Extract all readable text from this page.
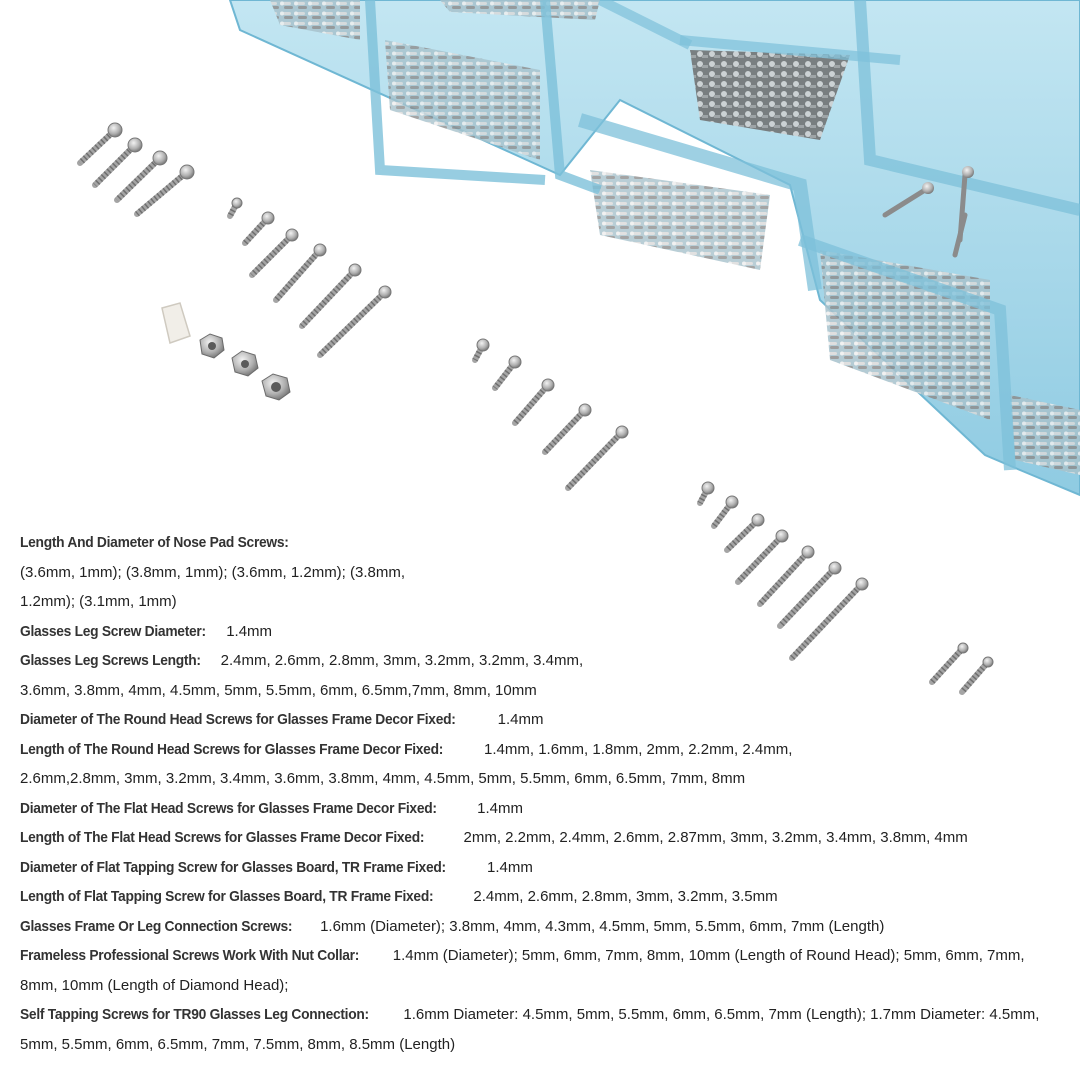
Length And Diameter of Nose Pad Screws:
(3.6mm, 1mm); (3.8mm, 1mm); (3.6mm, 1.2mm); (3.8mm, 1.2mm); (3.1mm, 1mm)

Glasses Leg Screw Diameter: 1.4mm

Glasses Leg Screws Length: 2.4mm, 2.6mm, 2.8mm, 3mm, 3.2mm, 3.2mm, 3.4mm, 3.6mm, 3.8mm, 4mm, 4.5mm, 5mm, 5.5mm, 6mm, 6.5mm,7mm, 8mm, 10mm

Diameter of The Round Head Screws for Glasses Frame Decor Fixed:	1.4mm

Length of The Round Head Screws for Glasses Frame Decor Fixed:	1.4mm, 1.6mm, 1.8mm, 2mm, 2.2mm, 2.4mm, 2.6mm,2.8mm, 3mm, 3.2mm, 3.4mm, 3.6mm, 3.8mm, 4mm, 4.5mm, 5mm, 5.5mm, 6mm, 6.5mm, 7mm, 8mm

Diameter of The Flat Head Screws for Glasses Frame Decor Fixed:	1.4mm

Length of The Flat Head Screws for Glasses Frame Decor Fixed:	2mm, 2.2mm, 2.4mm, 2.6mm, 2.87mm, 3mm, 3.2mm, 3.4mm, 3.8mm, 4mm

Diameter of Flat Tapping Screw for Glasses Board, TR Frame Fixed:	1.4mm

Length of Flat Tapping Screw for Glasses Board, TR Frame Fixed:	2.4mm, 2.6mm, 2.8mm, 3mm, 3.2mm, 3.5mm

Glasses Frame Or Leg Connection Screws: 1.6mm (Diameter); 3.8mm, 4mm, 4.3mm, 4.5mm, 5mm, 5.5mm, 6mm, 7mm (Length)

Frameless Professional Screws Work With Nut Collar: 1.4mm (Diameter); 5mm, 6mm, 7mm, 8mm, 10mm (Length of Round Head); 5mm, 6mm, 7mm, 8mm, 10mm (Length of Diamond Head);

Self Tapping Screws for TR90 Glasses Leg Connection: 1.6mm Diameter: 4.5mm, 5mm, 5.5mm, 6mm, 6.5mm, 7mm (Length); 1.7mm Diameter: 4.5mm, 5mm, 5.5mm, 6mm, 6.5mm, 7mm, 7.5mm, 8mm, 8.5mm (Length)
